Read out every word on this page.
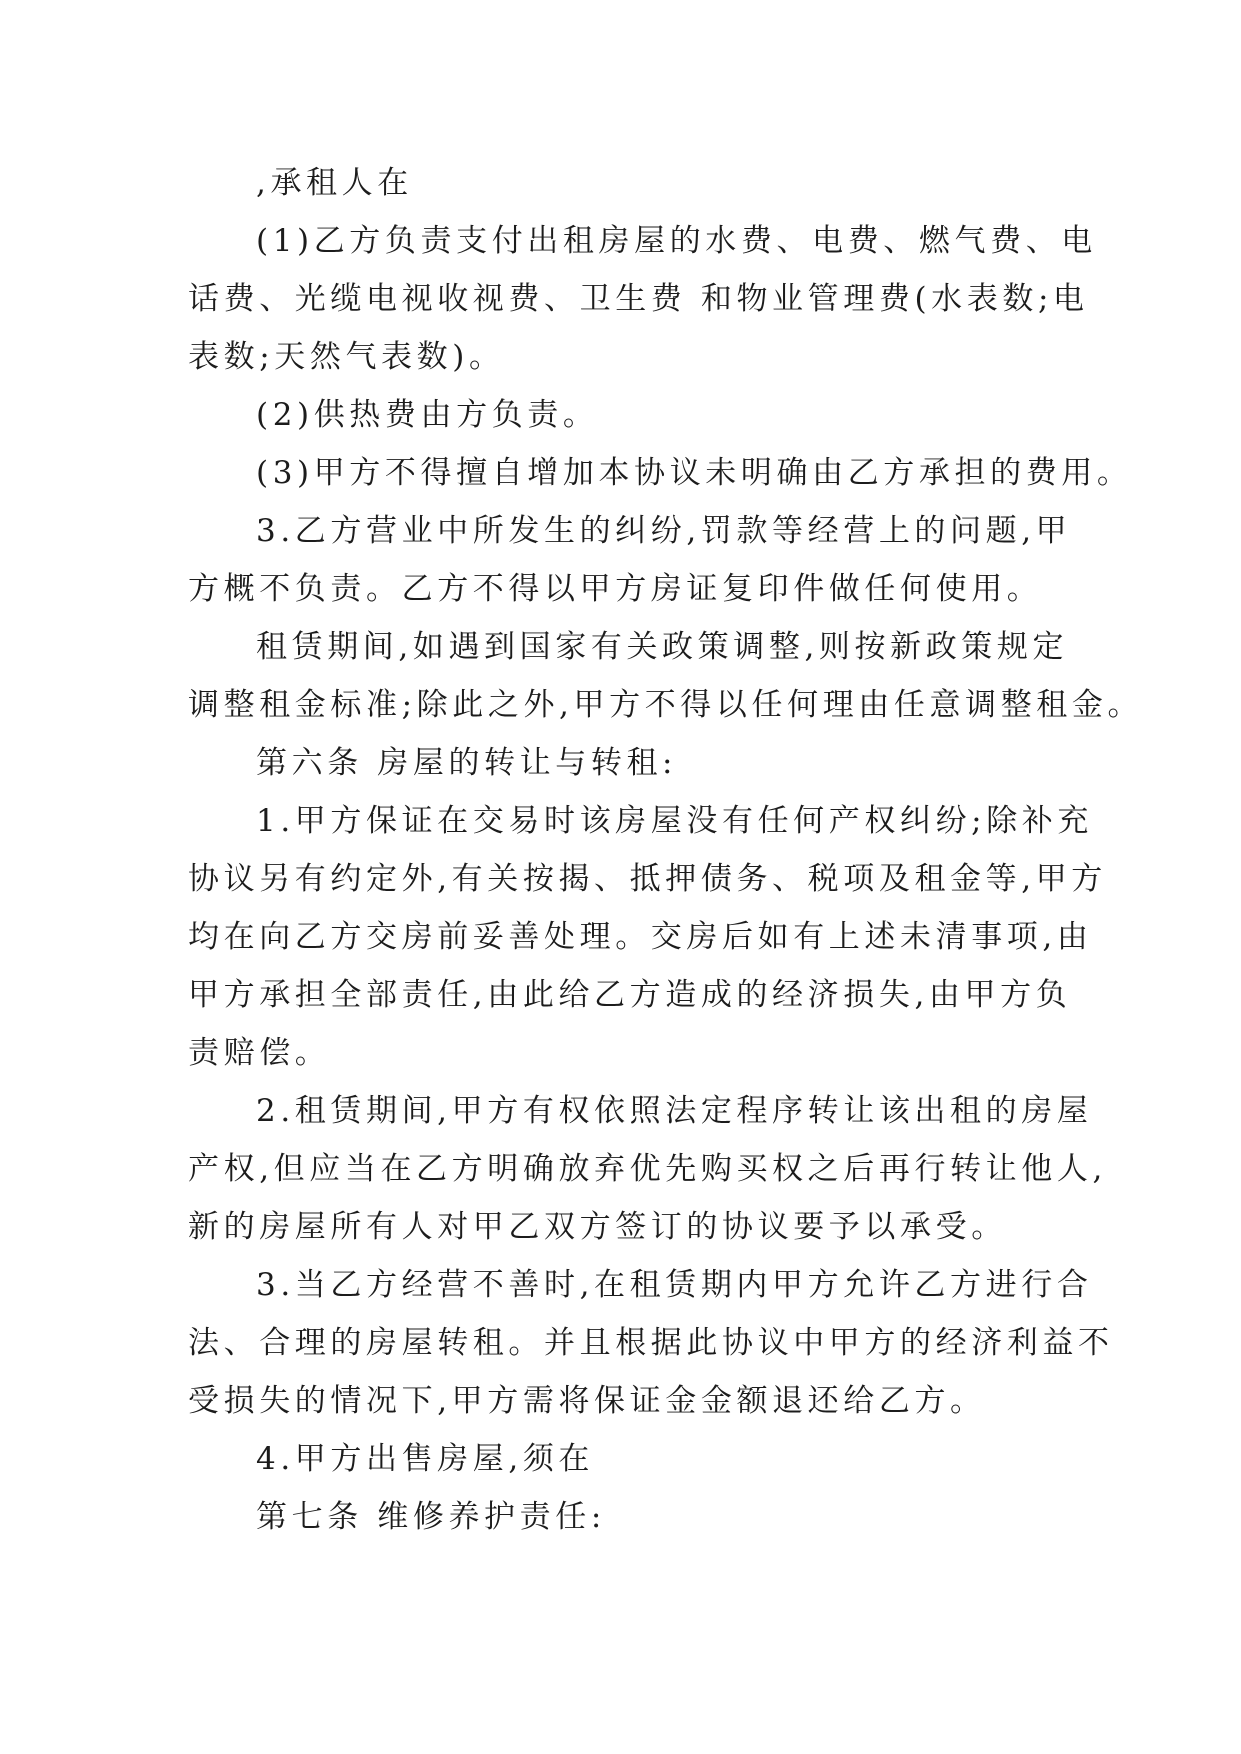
,承租人在
(1)乙方负责支付出租房屋的水费、电费、燃气费、电
话费、光缆电视收视费、卫生费 和物业管理费(水表数;电
表数;天然气表数)。
(2)供热费由方负责。
(3)甲方不得擅自增加本协议未明确由乙方承担的费用。
3.乙方营业中所发生的纠纷,罚款等经营上的问题,甲
方概不负责。乙方不得以甲方房证复印件做任何使用。
租赁期间,如遇到国家有关政策调整,则按新政策规定
调整租金标准;除此之外,甲方不得以任何理由任意调整租金。
第六条 房屋的转让与转租:
1.甲方保证在交易时该房屋没有任何产权纠纷;除补充
协议另有约定外,有关按揭、抵押债务、税项及租金等,甲方
均在向乙方交房前妥善处理。交房后如有上述未清事项,由
甲方承担全部责任,由此给乙方造成的经济损失,由甲方负
责赔偿。
2.租赁期间,甲方有权依照法定程序转让该出租的房屋
产权,但应当在乙方明确放弃优先购买权之后再行转让他人,
新的房屋所有人对甲乙双方签订的协议要予以承受。
3.当乙方经营不善时,在租赁期内甲方允许乙方进行合
法、合理的房屋转租。并且根据此协议中甲方的经济利益不
受损失的情况下,甲方需将保证金金额退还给乙方。
4.甲方出售房屋,须在
第七条 维修养护责任:
